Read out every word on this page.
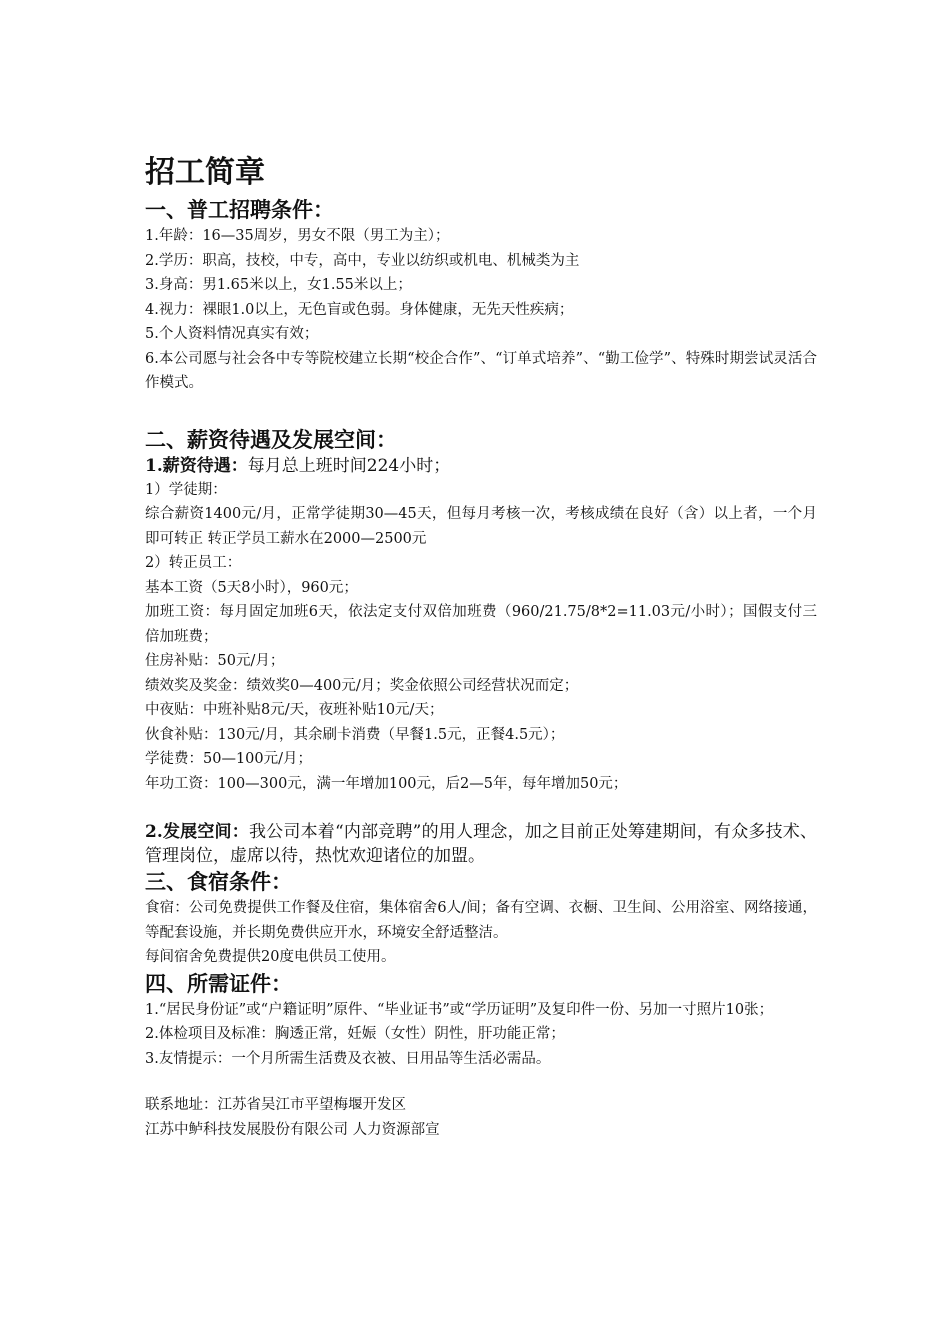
招工简章
一、普工招聘条件：

1.年龄：16—35周岁，男女不限（男工为主）；

2.学历：职高，技校，中专，高中，专业以纺织或机电、机械类为主

3.身高：男1.65米以上，女1.55米以上；

4.视力：裸眼1.0以上，无色盲或色弱。身体健康，无先天性疾病；

5.个人资料情况真实有效；

6.本公司愿与社会各中专等院校建立长期“校企合作”、“订单式培养”、“勤工俭学”、特殊时期尝试灵活合作模式。

二、薪资待遇及发展空间：

1.薪资待遇：每月总上班时间224小时；

1）学徒期：

综合薪资1400元/月，正常学徒期30—45天，但每月考核一次，考核成绩在良好（含）以上者，一个月即可转正 转正学员工薪水在2000—2500元

2）转正员工：

基本工资（5天8小时），960元；

加班工资：每月固定加班6天，依法定支付双倍加班费（960/21.75/8*2=11.03元/小时）；国假支付三倍加班费；

住房补贴：50元/月；

绩效奖及奖金：绩效奖0—400元/月；奖金依照公司经营状况而定；

中夜贴：中班补贴8元/天，夜班补贴10元/天；

伙食补贴：130元/月，其余刷卡消费（早餐1.5元，正餐4.5元）；

学徒费：50—100元/月；

年功工资：100—300元，满一年增加100元，后2—5年，每年增加50元；

2.发展空间：我公司本着“内部竞聘”的用人理念，加之目前正处筹建期间，有众多技术、管理岗位，虚席以待，热忱欢迎诸位的加盟。

三、食宿条件：

食宿：公司免费提供工作餐及住宿，集体宿舍6人/间；备有空调、衣橱、卫生间、公用浴室、网络接通，等配套设施，并长期免费供应开水，环境安全舒适整洁。

每间宿舍免费提供20度电供员工使用。

四、所需证件：

1.“居民身份证”或“户籍证明”原件、“毕业证书”或“学历证明”及复印件一份、另加一寸照片10张；

2.体检项目及标准：胸透正常，妊娠（女性）阴性，肝功能正常；

3.友情提示：一个月所需生活费及衣被、日用品等生活必需品。

联系地址：江苏省吴江市平望梅堰开发区

江苏中鲈科技发展股份有限公司 人力资源部宣
